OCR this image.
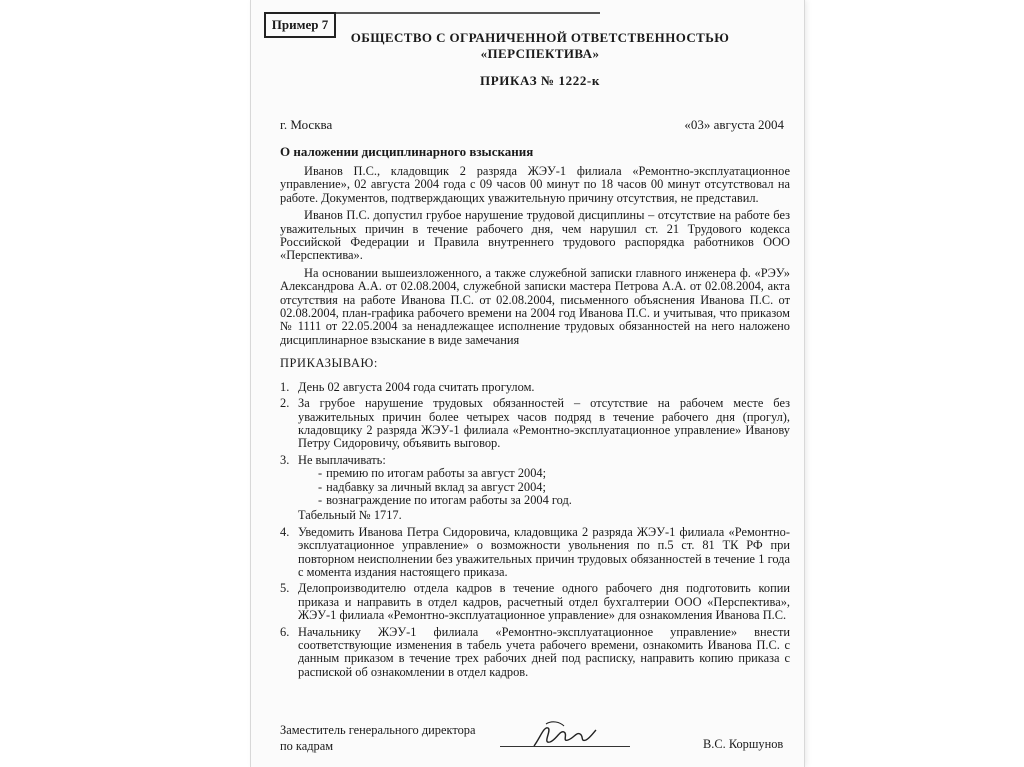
Пример 7
ОБЩЕСТВО С ОГРАНИЧЕННОЙ ОТВЕТСТВЕННОСТЬЮ
«ПЕРСПЕКТИВА»
ПРИКАЗ № 1222-к
г. Москва	«03» августа 2004
О наложении дисциплинарного взыскания

Иванов П.С., кладовщик 2 разряда ЖЭУ-1 филиала «Ремонтно-эксплуатационное управление», 02 августа 2004 года с 09 часов 00 минут по 18 часов 00 минут отсутствовал на работе. Документов, подтверждающих уважительную причину отсутствия, не представил.

Иванов П.С. допустил грубое нарушение трудовой дисциплины – отсутствие на работе без уважительных причин в течение рабочего дня, чем нарушил ст. 21 Трудового кодекса Российской Федерации и Правила внутреннего трудового распорядка работников ООО «Перспектива».

На основании вышеизложенного, а также служебной записки главного инженера ф. «РЭУ» Александрова А.А. от 02.08.2004, служебной записки мастера Петрова А.А. от 02.08.2004, акта отсутствия на работе Иванова П.С. от 02.08.2004, письменного объяснения Иванова П.С. от 02.08.2004, план-графика рабочего времени на 2004 год Иванова П.С. и учитывая, что приказом № 1111 от 22.05.2004 за ненадлежащее исполнение трудовых обязанностей на него наложено дисциплинарное взыскание в виде замечания

ПРИКАЗЫВАЮ:

1. День 02 августа 2004 года считать прогулом.
2. За грубое нарушение трудовых обязанностей – отсутствие на рабочем месте без уважительных причин более четырех часов подряд в течение рабочего дня (прогул), кладовщику 2 разряда ЖЭУ-1 филиала «Ремонтно-эксплуатационное управление» Иванову Петру Сидоровичу, объявить выговор.
3. Не выплачивать:
- премию по итогам работы за август 2004;
- надбавку за личный вклад за август 2004;
- вознаграждение по итогам работы за 2004 год.
Табельный № 1717.
4. Уведомить Иванова Петра Сидоровича, кладовщика 2 разряда ЖЭУ-1 филиала «Ремонтно-эксплуатационное управление» о возможности увольнения по п.5 ст. 81 ТК РФ при повторном неисполнении без уважительных причин трудовых обязанностей в течение 1 года с момента издания настоящего приказа.
5. Делопроизводителю отдела кадров в течение одного рабочего дня подготовить копии приказа и направить в отдел кадров, расчетный отдел бухгалтерии ООО «Перспектива», ЖЭУ-1 филиала «Ремонтно-эксплуатационное управление» для ознакомления Иванова П.С.
6. Начальнику ЖЭУ-1 филиала «Ремонтно-эксплуатационное управление» внести соответствующие изменения в табель учета рабочего времени, ознакомить Иванова П.С. с данным приказом в течение трех рабочих дней под расписку, направить копию приказа с распиской об ознакомлении в отдел кадров.
Заместитель генерального директора
по кадрам	В.С. Коршунов
